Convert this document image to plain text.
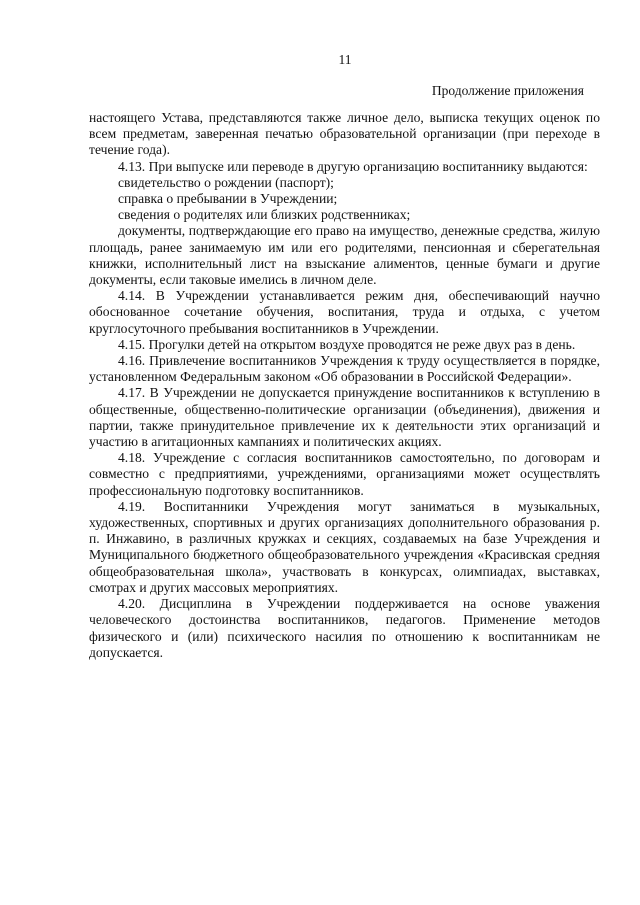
11
Продолжение приложения

настоящего Устава, представляются также личное дело, выписка текущих оценок по всем предметам, заверенная печатью образовательной организации (при переходе в течение года).

4.13. При выпуске или переводе в другую организацию воспитаннику выдаются:

свидетельство о рождении (паспорт);

справка о пребывании в Учреждении;

сведения о родителях или близких родственниках;

документы, подтверждающие его право на имущество, денежные средства, жилую площадь, ранее занимаемую им или его родителями, пенсионная и сберегательная книжки, исполнительный лист на взыскание алиментов, ценные бумаги и другие документы, если таковые имелись в личном деле.

4.14. В Учреждении устанавливается режим дня, обеспечивающий научно обоснованное сочетание обучения, воспитания, труда и отдыха, с учетом круглосуточного пребывания воспитанников в Учреждении.

4.15. Прогулки детей на открытом воздухе проводятся не реже двух раз в день.

4.16. Привлечение воспитанников Учреждения к труду осуществляется в порядке, установленном Федеральным законом «Об образовании в Российской Федерации».

4.17. В Учреждении не допускается принуждение воспитанников к вступлению в общественные, общественно-политические организации (объединения), движения и партии, также принудительное привлечение их к деятельности этих организаций и участию в агитационных кампаниях и политических акциях.

4.18. Учреждение с согласия воспитанников самостоятельно, по договорам и совместно с предприятиями, учреждениями, организациями может осуществлять профессиональную подготовку воспитанников.

4.19. Воспитанники Учреждения могут заниматься в музыкальных, художественных, спортивных и других организациях дополнительного образования р. п. Инжавино, в различных кружках и секциях, создаваемых на базе Учреждения и Муниципального бюджетного общеобразовательного учреждения «Красивская средняя общеобразовательная школа», участвовать в конкурсах, олимпиадах, выставках, смотрах и других массовых мероприятиях.

4.20. Дисциплина в Учреждении поддерживается на основе уважения человеческого достоинства воспитанников, педагогов. Применение методов физического и (или) психического насилия по отношению к воспитанникам не допускается.
